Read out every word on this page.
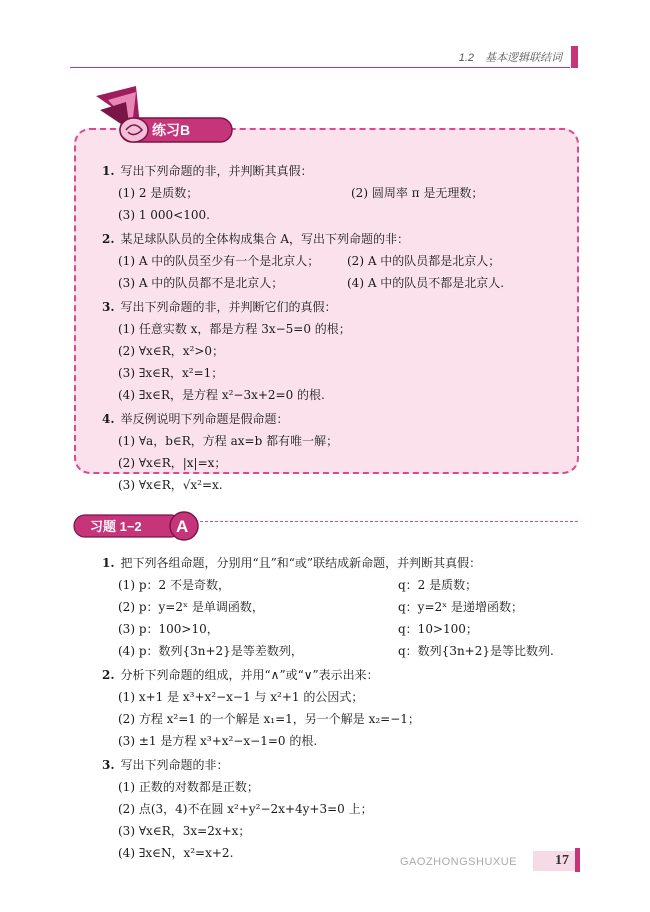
1.2　基本逻辑联结词
练习B
1. 写出下列命题的非，并判断其真假：
(1) 2 是质数；	(2) 圆周率 π 是无理数；
(3) 1 000<100.
2. 某足球队队员的全体构成集合 A，写出下列命题的非：
(1) A 中的队员至少有一个是北京人； (2) A 中的队员都是北京人；
(3) A 中的队员都不是北京人；	(4) A 中的队员不都是北京人.
3. 写出下列命题的非，并判断它们的真假：
(1) 任意实数 x，都是方程 3x−5=0 的根；
(2) ∀x∈R，x²>0；
(3) ∃x∈R，x²=1；
(4) ∃x∈R，是方程 x²−3x+2=0 的根.
4. 举反例说明下列命题是假命题：
(1) ∀a，b∈R，方程 ax=b 都有唯一解；
(2) ∀x∈R，|x|=x；
(3) ∀x∈R，√x²=x.
习题 1−2 A
1. 把下列各组命题，分别用“且”和“或”联结成新命题，并判断其真假：
(1) p：2 不是奇数，	q：2 是质数；
(2) p：y=2ˣ 是单调函数，	q：y=2ˣ 是递增函数；
(3) p：100>10，	q：10>100；
(4) p：数列{3n+2}是等差数列，	q：数列{3n+2}是等比数列.
2. 分析下列命题的组成，并用“∧”或“∨”表示出来：
(1) x+1 是 x³+x²−x−1 与 x²+1 的公因式；
(2) 方程 x²=1 的一个解是 x₁=1，另一个解是 x₂=−1；
(3) ±1 是方程 x³+x²−x−1=0 的根.
3. 写出下列命题的非：
(1) 正数的对数都是正数；
(2) 点(3，4)不在圆 x²+y²−2x+4y+3=0 上；
(3) ∀x∈R，3x=2x+x；
(4) ∃x∈N，x²=x+2.
GAOZHONGSHUXUE	17
